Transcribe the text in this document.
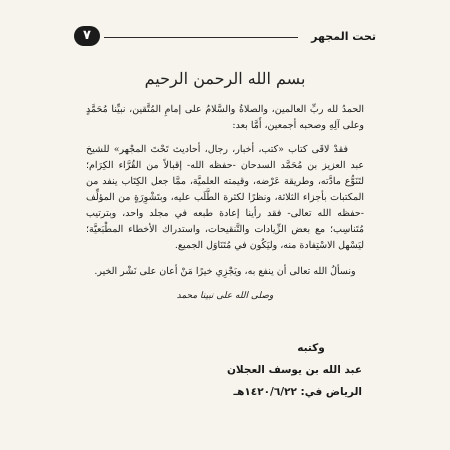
تحت المجهر
٧
بسم الله الرحمن الرحيم

الحمدُ لله ربِّ العالمين، والصلاةُ والسَّلامُ على إمامِ المُتَّقين، نبيِّنا مُحَمَّدٍ وعلى آلِهِ وصحبه أجمعين، أَمَّا بعد:

فقدْ لاقَى كتاب «كتب، أخبار، رجال، أحاديث تَحْتَ المجْهر» للشيخ عبد العزيز بن مُحَمَّد السدحان -حفظه الله- إقبالاً من القُرَّاء الكِرَام؛ لتَنَوُّع مادَّته، وطريقة عَرْضه، وقيمته العلميَّة، ممَّا جعل الكِتَاب ينفد من المكتبات بأجزاء الثلاثة، ونظرًا لكثرة الطَّلَب عليه، وبتَشْوِرَةٍ من المؤلِّف -حفظه الله تعالى- فقد رأينا إعادة طبعه في مجلد واحد، وبترتيب مُتَناسِب؛ مع بعض الزِّيادات والتَّنقيحات، واستدراك الأخطاء المطْبَعيَّة؛ ليَسْهل الاسْتِفادة منه، وليَكُون في مُتَنَاوَل الجميع.

ونسألُ الله تعالى أن ينفع به، ويَجْزِي خيرًا مَنْ أعان على نَشْر الخير.

وصلى الله على نبينا محمد

وكتبه
عبد الله بن يوسف العجلان
الرياض في: ١٤٢٠/٦/٢٢هـ
